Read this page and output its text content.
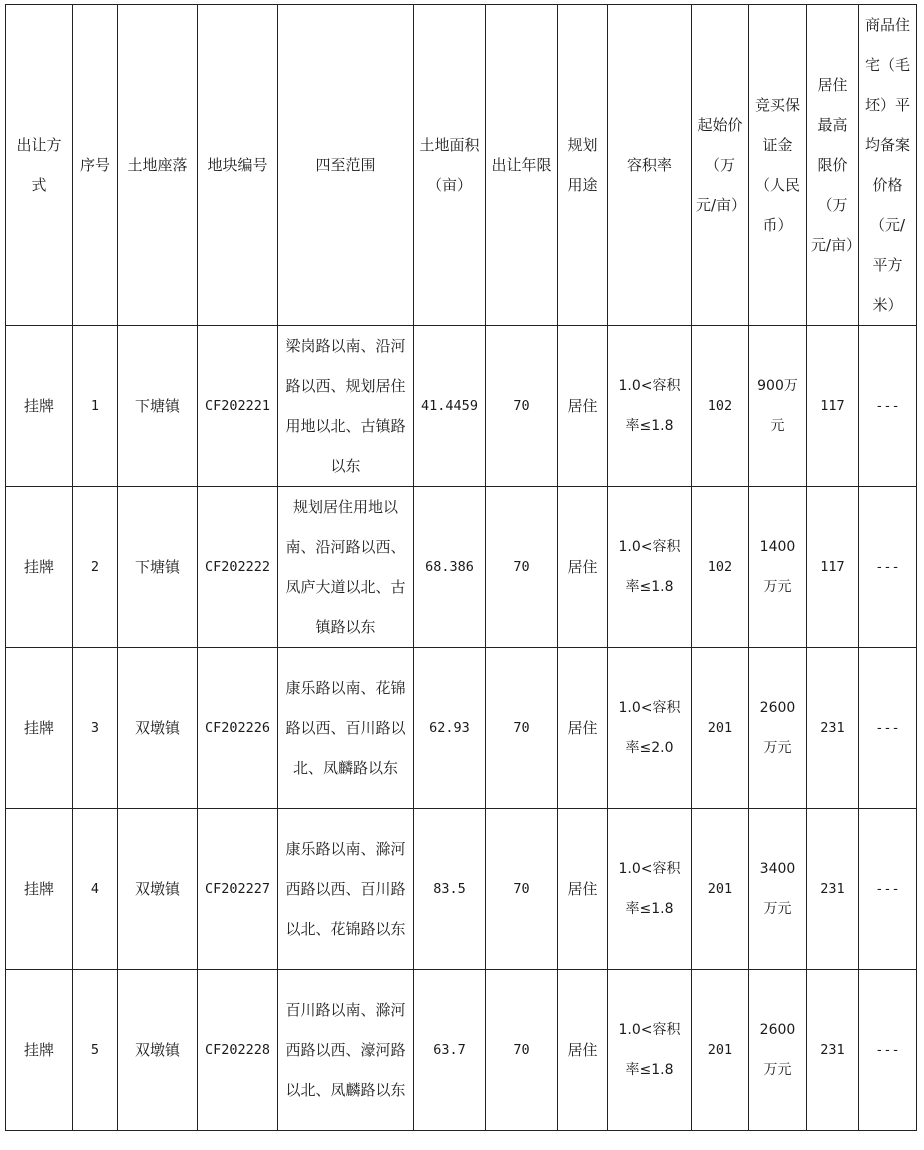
出让方式	序号	土地座落	地块编号	四至范围	土地面积（亩）	出让年限	规划用途	容积率	起始价（万元/亩）	竞买保证金（人民币）	居住最高限价（万元/亩）	商品住宅（毛坯）平均备案价格（元/平方米）
挂牌	1	下塘镇	CF202221	梁岗路以南、沿河路以西、规划居住用地以北、古镇路以东	41.4459	70	居住	1.0<容积率≤1.8	102	900万元	117	---
挂牌	2	下塘镇	CF202222	规划居住用地以南、沿河路以西、凤庐大道以北、古镇路以东	68.386	70	居住	1.0<容积率≤1.8	102	1400万元	117	---
挂牌	3	双墩镇	CF202226	康乐路以南、花锦路以西、百川路以北、凤麟路以东	62.93	70	居住	1.0<容积率≤2.0	201	2600万元	231	---
挂牌	4	双墩镇	CF202227	康乐路以南、滁河西路以西、百川路以北、花锦路以东	83.5	70	居住	1.0<容积率≤1.8	201	3400万元	231	---
挂牌	5	双墩镇	CF202228	百川路以南、滁河西路以西、濠河路以北、凤麟路以东	63.7	70	居住	1.0<容积率≤1.8	201	2600万元	231	---
